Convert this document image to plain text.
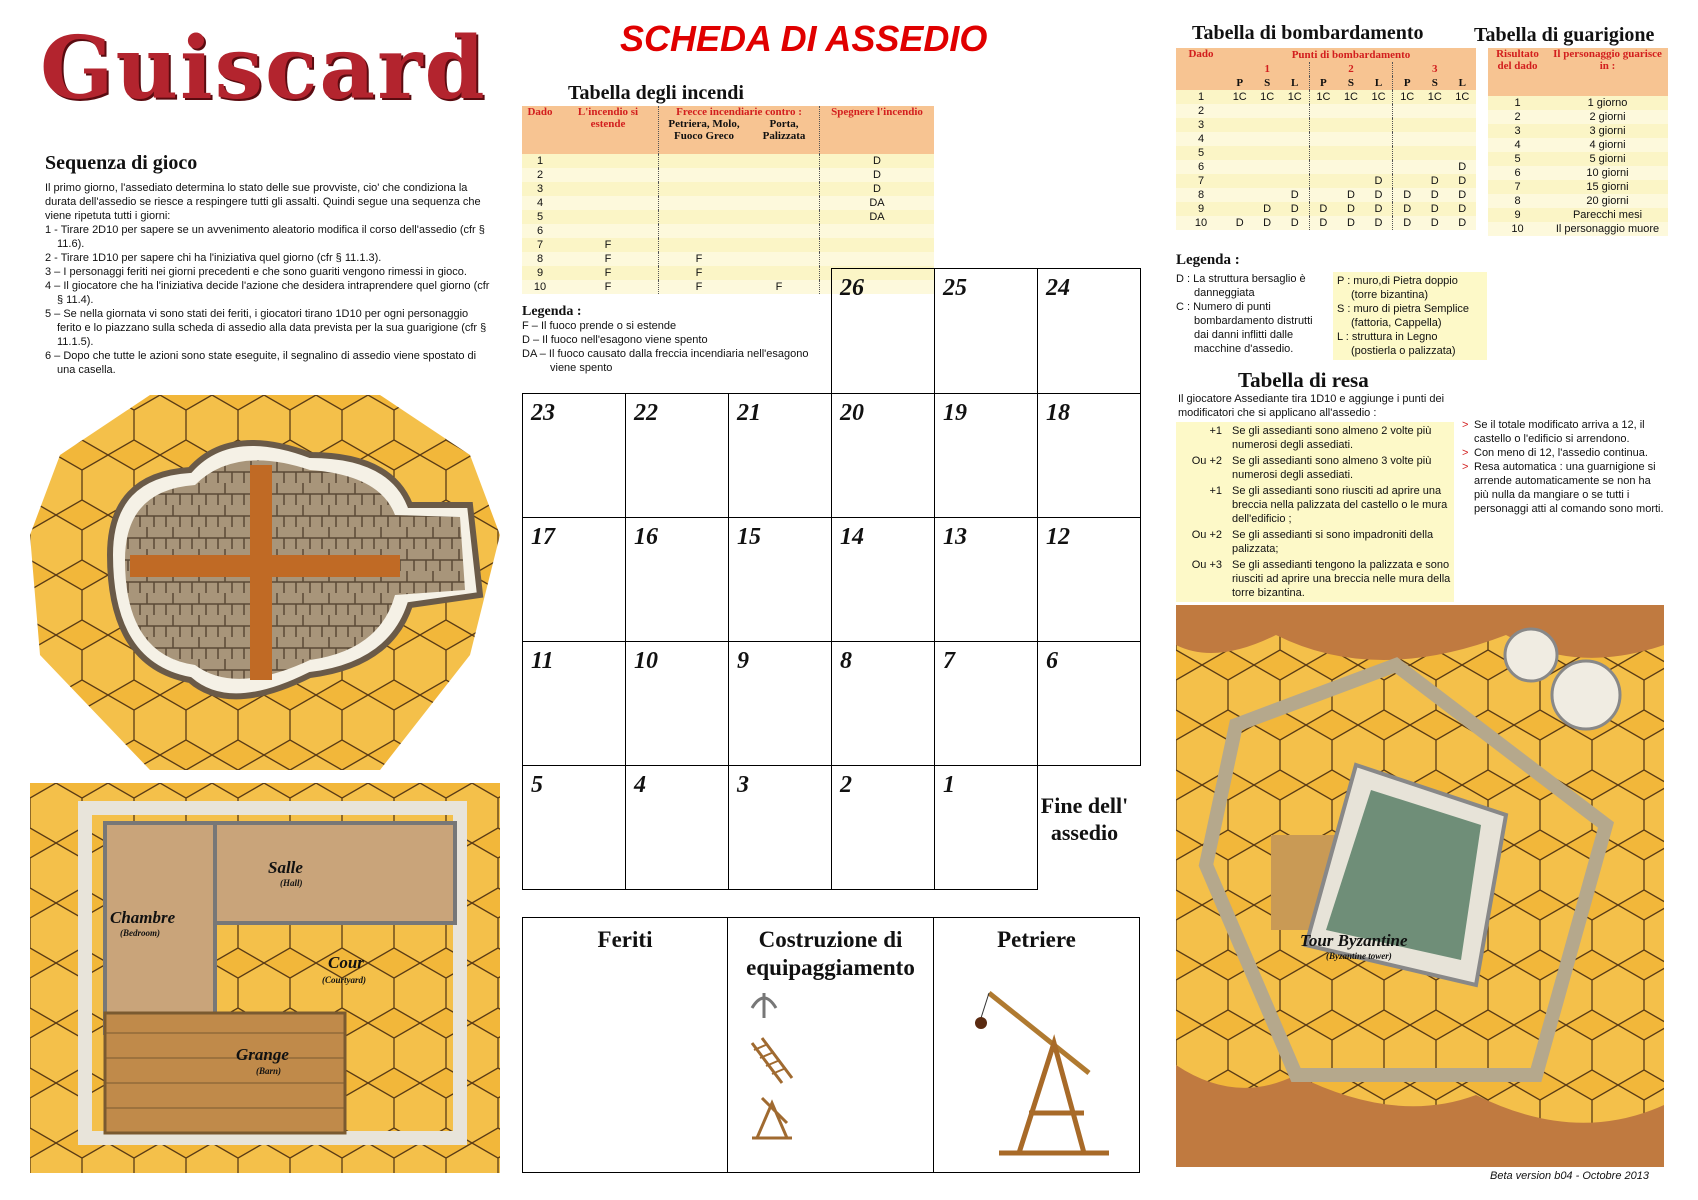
Guiscard	SCHEDA DI ASSEDIO
Sequenza di gioco
Il primo giorno, l'assediato determina lo stato delle sue provviste, cio' che condiziona la durata dell'assedio se riesce a respingere tutti gli assalti. Quindi segue una sequenza che viene ripetuta tutti i giorni:
1 - Tirare 2D10 per sapere se un avvenimento aleatorio modifica il corso dell'assedio (cfr § 11.6).
2 - Tirare 1D10 per sapere chi ha l'iniziativa quel giorno (cfr § 11.1.3).
3 – I personaggi feriti nei giorni precedenti e che sono guariti vengono rimessi in gioco.
4 – Il giocatore che ha l'iniziativa decide l'azione che desidera intraprendere quel giorno (cfr § 11.4).
5 – Se nella giornata vi sono stati dei feriti, i giocatori tirano 1D10 per ogni personaggio ferito e lo piazzano sulla scheda di assedio alla data prevista per la sua guarigione (cfr § 11.1.5).
6 – Dopo che tutte le azioni sono state eseguite, il segnalino di assedio viene spostato di una casella.
Salle
(Hall)
Chambre
(Bedroom)
Cour
(Courtyard)
Grange
(Barn)
Tabella degli incendi
Dado	L'incendio si estende	Frecce incendiarie contro :
Petriera, Molo, Fuoco Greco
Porta, Palizzata		Spegnere l'incendio
1				D
2				D
3				D
4				DA
5				DA
6				
7	F			
8	F	F		
9	F	F		
10	F	F	F	
Legenda :
F – Il fuoco prende o si estende
D – Il fuoco nell'esagono viene spento
DA – Il fuoco causato dalla freccia incendiaria nell'esagono viene spento
26	25	24
23	22	21	20	19	18
17	16	15	14	13	12
11	10	9	8	7	6
5	4	3	2	1
Fine dell' assedio
Feriti	Costruzione di equipaggiamento
Petriere
Tabella di bombardamento
Dado	Punti di bombardamento								
	1			2			3		
	P	S	L	P	S	L	P	S	L
1	1C	1C	1C	1C	1C	1C	1C	1C	1C
2									
3									
4									
5									
6									D
7						D		D	D
8			D		D	D	D	D	D
9		D	D	D	D	D	D	D	D
10	D	D	D	D	D	D	D	D	D
Tabella di guarigione
Risultato del dado	Il personaggio guarisce in :
1	1 giorno
2	2 giorni
3	3 giorni
4	4 giorni
5	5 giorni
6	10 giorni
7	15 giorni
8	20 giorni
9	Parecchi mesi
10	Il personaggio muore
Legenda :
D : La struttura bersaglio è danneggiata
C : Numero di punti bombardamento distrutti dai danni inflitti dalle macchine d'assedio.
P : muro,di Pietra doppio (torre bizantina)
S : muro di pietra Semplice (fattoria, Cappella)
L : struttura in Legno (postierla o palizzata)
Tabella di resa
Il giocatore Assediante tira 1D10 e aggiunge i punti dei modificatori che si applicano all'assedio :
+1 Se gli assedianti sono almeno 2 volte più numerosi degli assediati.
Ou +2 Se gli assedianti sono almeno 3 volte più numerosi degli assediati.
+1 Se gli assedianti sono riusciti ad aprire una breccia nella palizzata del castello o le mura dell'edificio ;
Ou +2 Se gli assedianti si sono impadroniti della palizzata;
Ou +3 Se gli assedianti tengono la palizzata e sono riusciti ad aprire una breccia nelle mura della torre bizantina.
> Se il totale modificato arriva a 12, il castello o l'edificio si arrendono.
> Con meno di 12, l'assedio continua.
> Resa automatica : una guarnigione si arrende automaticamente se non ha più nulla da mangiare o se tutti i personaggi atti al comando sono morti.
Tour Byzantine
(Byzantine tower)
Beta version b04 - Octobre 2013
